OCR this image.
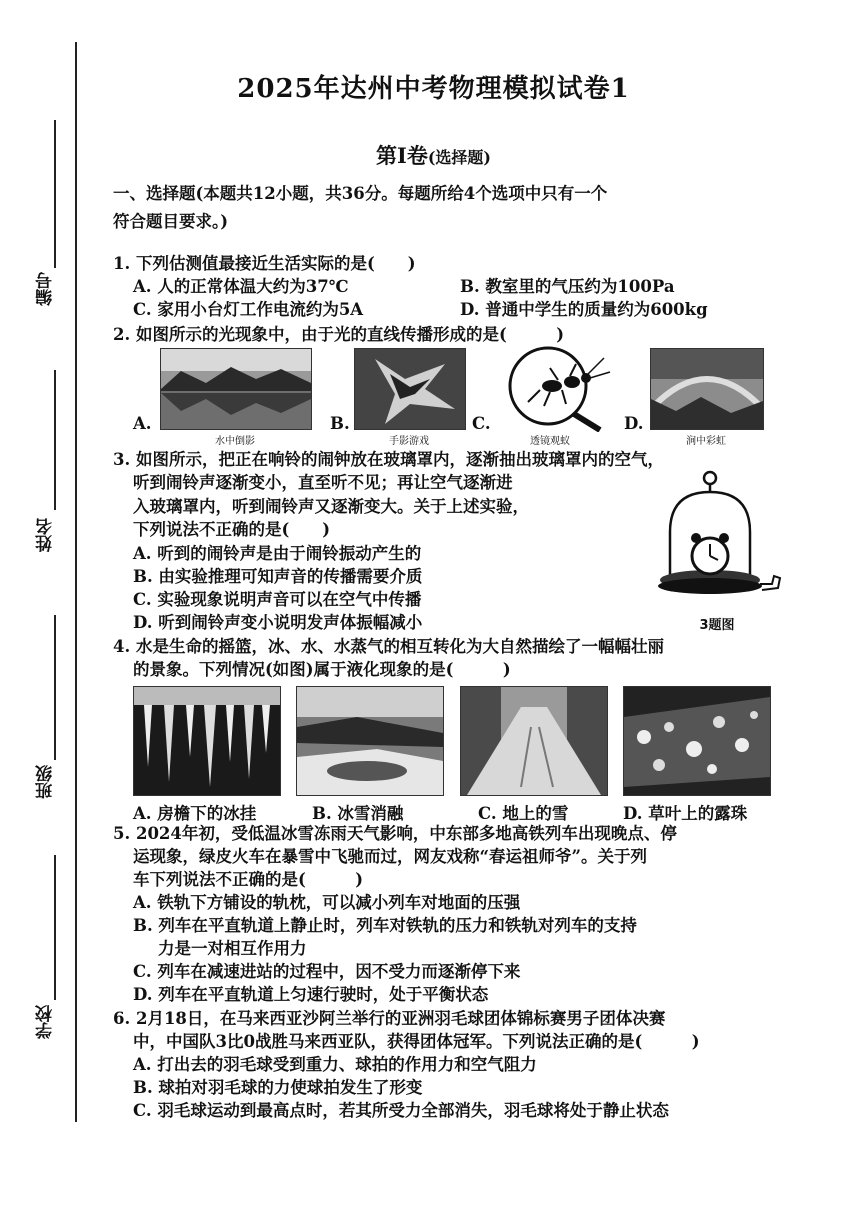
编号
姓名
班级
学校
2025年达州中考物理模拟试卷1
第Ⅰ卷(选择题)
一、选择题(本题共12小题，共36分。每题所给4个选项中只有一个
符合题目要求。)
1. 下列估测值最接近生活实际的是(　　)
A. 人的正常体温大约为37℃	B. 教室里的气压约为100Pa
C. 家用小台灯工作电流约为5A	D. 普通中学生的质量约为600kg
2. 如图所示的光现象中，由于光的直线传播形成的是(　　　)
A.
水中倒影
B.
手影游戏
C.
透镜观蚁
D.
涧中彩虹
3. 如图所示，把正在响铃的闹钟放在玻璃罩内，逐渐抽出玻璃罩内的空气，
听到闹铃声逐渐变小，直至听不见；再让空气逐渐进
入玻璃罩内，听到闹铃声又逐渐变大。关于上述实验，
下列说法不正确的是(　　)
A. 听到的闹铃声是由于闹铃振动产生的
B. 由实验推理可知声音的传播需要介质
C. 实验现象说明声音可以在空气中传播
D. 听到闹铃声变小说明发声体振幅减小	3题图
4. 水是生命的摇篮，冰、水、水蒸气的相互转化为大自然描绘了一幅幅壮丽
的景象。下列情况(如图)属于液化现象的是(　　　)
A. 房檐下的冰挂	B. 冰雪消融	C. 地上的雪	D. 草叶上的露珠
5. 2024年初，受低温冰雪冻雨天气影响，中东部多地高铁列车出现晚点、停
运现象，绿皮火车在暴雪中飞驰而过，网友戏称“春运祖师爷”。关于列
车下列说法不正确的是(　　　)
A. 铁轨下方铺设的轨枕，可以减小列车对地面的压强
B. 列车在平直轨道上静止时，列车对铁轨的压力和铁轨对列车的支持
力是一对相互作用力
C. 列车在减速进站的过程中，因不受力而逐渐停下来
D. 列车在平直轨道上匀速行驶时，处于平衡状态
6. 2月18日，在马来西亚沙阿兰举行的亚洲羽毛球团体锦标赛男子团体决赛
中，中国队3比0战胜马来西亚队，获得团体冠军。下列说法正确的是(　　　)
A. 打出去的羽毛球受到重力、球拍的作用力和空气阻力
B. 球拍对羽毛球的力使球拍发生了形变
C. 羽毛球运动到最高点时，若其所受力全部消失，羽毛球将处于静止状态
